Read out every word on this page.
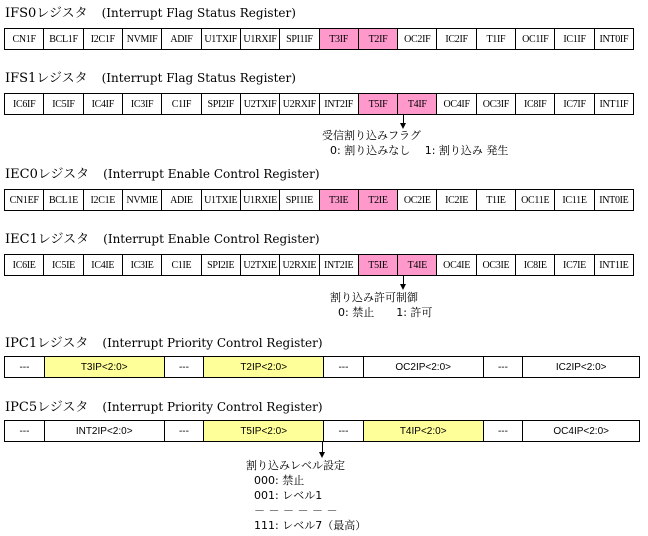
IFS0レジスタ (Interrupt Flag Status Register)
CN1F	BCL1F	I2C1F	NVMIF	ADIF	U1TXIF U1RXIF SPI1IF	T3IF	T2IF	OC2IF	IC2IF	T1IF	OC1IF	IC1IF	INT0IF
IFS1レジスタ (Interrupt Flag Status Register)
IC6IF	IC5IF	IC4IF	IC3IF	C1IF	SPI2IF U2TXIF U2RXIF INT2IF	T5IF	T4IF	OC4IF	OC3IF	IC8IF	IC7IF	INT1IF
IEC0レジスタ (Interrupt Enable Control Register)
CN1EF	BCL1E	I2C1E	NVMIE	ADIE	U1TXIE U1RXIE SPI1IE	T3IE	T2IE	OC2IE	IC2IE	T1IE	OC11E	IC11E	INT0IE
IEC1レジスタ (Interrupt Enable Control Register)
IC6IE	IC5IE	IC4IE	IC3IE	C1IE	SPI2IE U2TXIE U2RXIE INT2IE	T5IE	T4IE	OC4IE	OC3IE	IC8IE	IC7IE	INT1IE
IPC1レジスタ (Interrupt Priority Control Register)
---	T3IP<2:0>	---	T2IP<2:0>	---	OC2IP<2:0>	---	IC2IP<2:0>
IPC5レジスタ (Interrupt Priority Control Register)
---	INT2IP<2:0>	---	T5IP<2:0>	---	T4IP<2:0>	---	OC4IP<2:0>
受信割り込みフラグ
0: 割り込みなし　 1: 割り込み 発生
割り込み許可制御
0: 禁止　　1: 許可
割り込みレベル設定
000: 禁止
001: レベル1
－ － － － － －
111: レベル7（最高）
